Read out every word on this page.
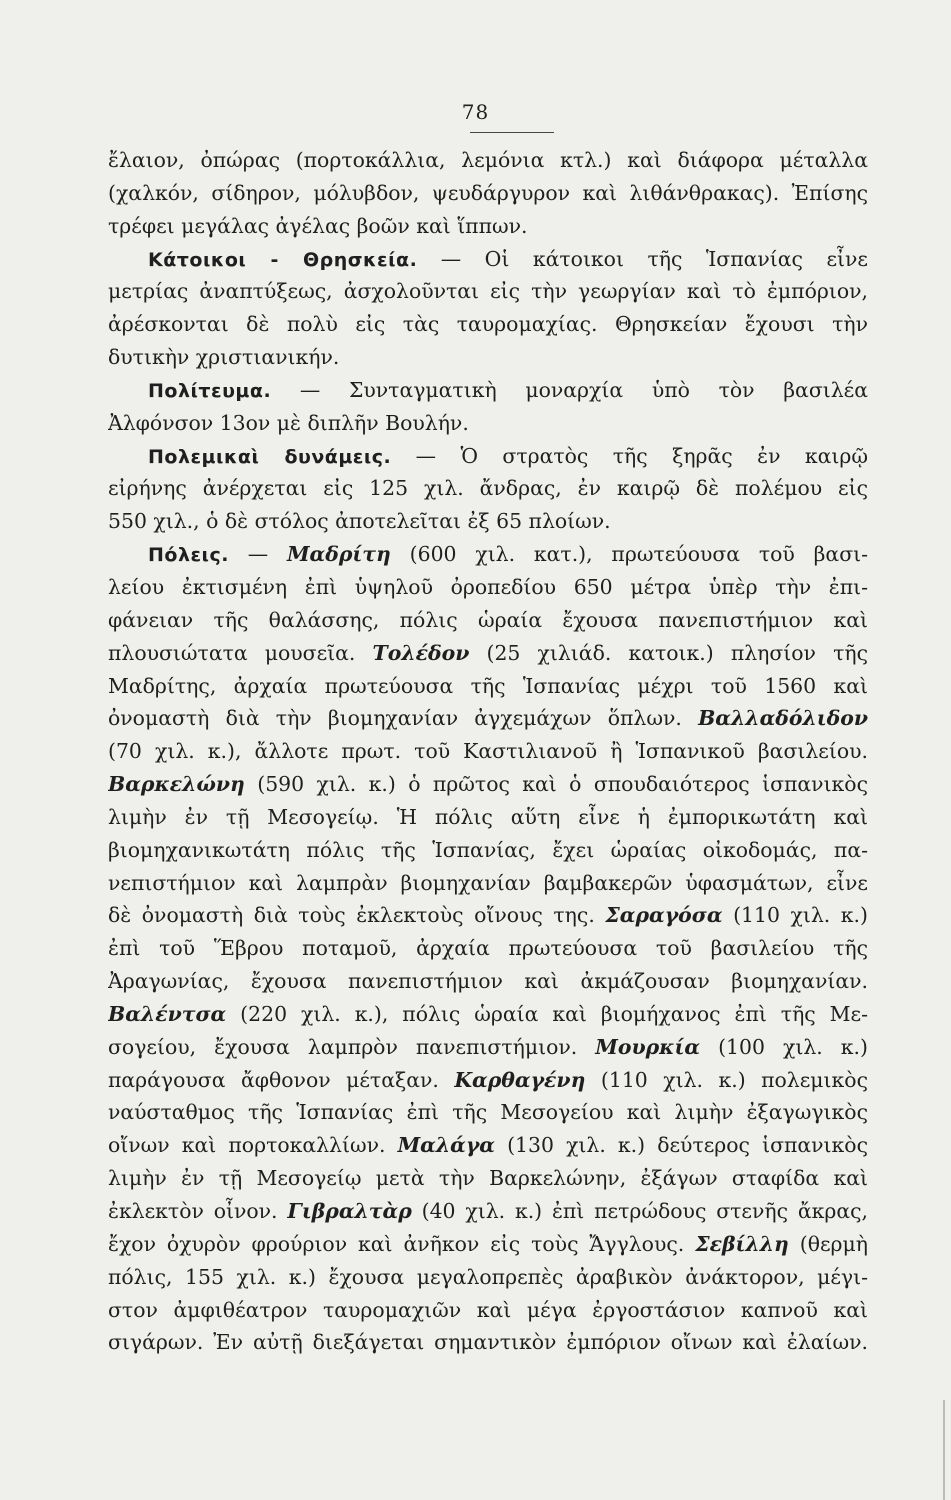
78
ἔλαιον, ὀπώρας (πορτοκάλλια, λεμόνια κτλ.) καὶ διάφορα μέταλλα
(χαλκόν, σίδηρον, μόλυβδον, ψευδάργυρον καὶ λιθάνθρακας). Ἐπίσης
τρέφει μεγάλας ἀγέλας βοῶν καὶ ἵππων.
Κάτοικοι - Θρησκεία. — Οἱ κάτοικοι τῆς Ἱσπανίας εἶνε
μετρίας ἀναπτύξεως, ἀσχολοῦνται εἰς τὴν γεωργίαν καὶ τὸ ἐμπόριον,
ἀρέσκονται δὲ πολὺ εἰς τὰς ταυρομαχίας. Θρησκείαν ἔχουσι τὴν
δυτικὴν χριστιανικήν.
Πολίτευμα. — Συνταγματικὴ μοναρχία ὑπὸ τὸν βασιλέα
Ἀλφόνσον 13ον μὲ διπλῆν Βουλήν.
Πολεμικαὶ δυνάμεις. — Ὁ στρατὸς τῆς ξηρᾶς ἐν καιρῷ
εἰρήνης ἀνέρχεται εἰς 125 χιλ. ἄνδρας, ἐν καιρῷ δὲ πολέμου εἰς
550 χιλ., ὁ δὲ στόλος ἀποτελεῖται ἐξ 65 πλοίων.
Πόλεις. — Μαδρίτη (600 χιλ. κατ.), πρωτεύουσα τοῦ βασι-
λείου ἐκτισμένη ἐπὶ ὑψηλοῦ ὀροπεδίου 650 μέτρα ὑπὲρ τὴν ἐπι-
φάνειαν τῆς θαλάσσης, πόλις ὡραία ἔχουσα πανεπιστήμιον καὶ
πλουσιώτατα μουσεῖα. Τολέδον (25 χιλιάδ. κατοικ.) πλησίον τῆς
Μαδρίτης, ἀρχαία πρωτεύουσα τῆς Ἱσπανίας μέχρι τοῦ 1560 καὶ
ὀνομαστὴ διὰ τὴν βιομηχανίαν ἀγχεμάχων ὅπλων. Βαλλαδόλιδον
(70 χιλ. κ.), ἄλλοτε πρωτ. τοῦ Καστιλιανοῦ ἢ Ἱσπανικοῦ βασιλείου.
Βαρκελώνη (590 χιλ. κ.) ὁ πρῶτος καὶ ὁ σπουδαιότερος ἱσπανικὸς
λιμὴν ἐν τῇ Μεσογείῳ. Ἡ πόλις αὕτη εἶνε ἡ ἐμπορικωτάτη καὶ
βιομηχανικωτάτη πόλις τῆς Ἱσπανίας, ἔχει ὡραίας οἰκοδομάς, πα-
νεπιστήμιον καὶ λαμπρὰν βιομηχανίαν βαμβακερῶν ὑφασμάτων, εἶνε
δὲ ὀνομαστὴ διὰ τοὺς ἐκλεκτοὺς οἴνους της. Σαραγόσα (110 χιλ. κ.)
ἐπὶ τοῦ Ἕβρου ποταμοῦ, ἀρχαία πρωτεύουσα τοῦ βασιλείου τῆς
Ἀραγωνίας, ἔχουσα πανεπιστήμιον καὶ ἀκμάζουσαν βιομηχανίαν.
Βαλέντσα (220 χιλ. κ.), πόλις ὡραία καὶ βιομήχανος ἐπὶ τῆς Με-
σογείου, ἔχουσα λαμπρὸν πανεπιστήμιον. Μουρκία (100 χιλ. κ.)
παράγουσα ἄφθονον μέταξαν. Καρθαγένη (110 χιλ. κ.) πολεμικὸς
ναύσταθμος τῆς Ἱσπανίας ἐπὶ τῆς Μεσογείου καὶ λιμὴν ἐξαγωγικὸς
οἴνων καὶ πορτοκαλλίων. Μαλάγα (130 χιλ. κ.) δεύτερος ἱσπανικὸς
λιμὴν ἐν τῇ Μεσογείῳ μετὰ τὴν Βαρκελώνην, ἐξάγων σταφίδα καὶ
ἐκλεκτὸν οἶνον. Γιβραλτὰρ (40 χιλ. κ.) ἐπὶ πετρώδους στενῆς ἄκρας,
ἔχον ὀχυρὸν φρούριον καὶ ἀνῆκον εἰς τοὺς Ἄγγλους. Σεβίλλη (θερμὴ
πόλις, 155 χιλ. κ.) ἔχουσα μεγαλοπρεπὲς ἀραβικὸν ἀνάκτορον, μέγι-
στον ἀμφιθέατρον ταυρομαχιῶν καὶ μέγα ἐργοστάσιον καπνοῦ καὶ
σιγάρων. Ἐν αὐτῇ διεξάγεται σημαντικὸν ἐμπόριον οἴνων καὶ ἐλαίων.
